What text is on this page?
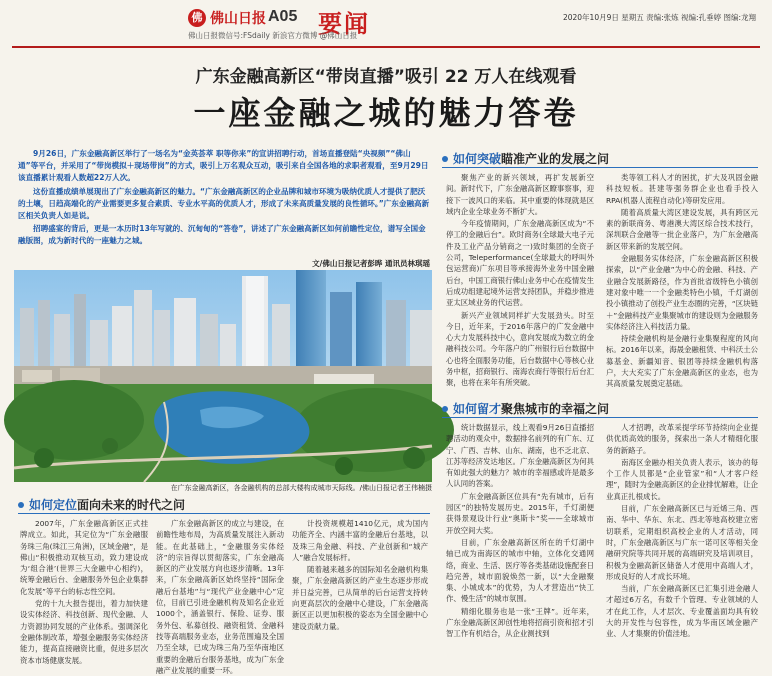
佛 佛山日报 A05 要闻
佛山日报微信号:FSdaily 新浪官方微博 @佛山日报
2020年10月9日 星期五 责编:张炼 视编:孔垂婷 图编:龙翔
广东金融高新区“带岗直播”吸引 22 万人在线观看
一座金融之城的魅力答卷

9月26日，广东金融高新区举行了一场名为“金英荟萃 职等你来”的宣讲招聘行动，首场直播登陆“央视频”“佛山通”等平台，并采用了“带岗模拟＋现场带岗”的方式，吸引上万名观众互动，吸引来自全国各地的求职者观看，至9月29日该直播累计观看人数超22万人次。

这份直播成绩单展现出了广东金融高新区的魅力。“广东金融高新区的企业品牌和城市环境为吸纳优质人才提供了肥沃的土壤，日趋高端化的产业需要更多复合素质、专业水平高的优质人才，形成了未来高质量发展的良性循环。”广东金融高新区相关负责人如是说。

招聘盛宴的背后，更是一本历时13年写就的、沉甸甸的“答卷”，讲述了广东金融高新区如何前瞻性定位，谱写全国金融版图，成为新时代的一座魅力之城。

文/佛山日报记者彭晔 通讯员林琪瑶
在广东金融高新区，各金融机构的总部大楼构成城市天际线。/佛山日报记者王伟楠摄
如何突破 瞄准产业的发展之问

聚焦产业的新兴领域，再扩发展新空间。新时代下，广东金融高新区瞭事察事，迎接下一波风口的来临。其中重要的体现就是区域内企业全球业务不断扩大。

今年疫情期间，广东金融高新区成为“不停工的金融后台”。欧时商务(全球最大电子元件及工业产品分销商之一)致时集团的全资子公司，Teleperformance(全球最大的呼叫外包运营商)广东项目等承接海外业务中国金融后台，中国工商银行佛山业务中心在疫情发生后成功组建起境外运营支持团队，并稳步推进亚太区域业务的代运营。

新兴产业领域同样扩大发展劲头。时至今日，近年来，于2016年落户的广发金融中心大力发展科技中心，意向发展成为数立的金融科技公司。今年落户的广州银行后台数据中心也将全面服务功能，后台数据中心等核心业务中枢，招商银行、南海农商行等银行后台汇聚，也将在来年有所突破。

类等领工科人才的困扰，扩大及巩固金融科技短板。甚建等强务群企业也看手投入RPA(机器人流程自动化)等研发应用。

随着高质量大湾区建设发展，具有跨区元素的新联商务、粤港澳大湾区综合技术技行，深圳联合金融等一批企业落户，为广东金融高新区带来新的发展空间。

金融服务实体经济，广东金融高新区积极探索，以“产业金融”为中心的金融、科技、产业融合发展新路径，作为首批省级特色小镇创建对象中唯一一个金融类特色小镇，千灯湖创投小镇推动了创投产业生态圈的完善，“区块链＋”金融科技产业集聚城市的建设则为金融服务实体经济注入科技活力量。

持续金融机构是金融行业集聚程度的风向标。2016年以来，海晟金融租赁、中科沃土公募基金、新疆知音、银团等持续金融机构落户，大大充实了广东金融高新区的业态，也为其高质量发展奠定基础。

如何留才 聚焦城市的幸福之问

统计数据显示，线上观看9月26日直播招聘活动的观众中，数据排名前列的有广东、辽宁、广西、吉林、山东、湖南，也不乏北京、江苏等经济发达地区。广东金融高新区为何具有如此强大的魅力？城市的幸福感或许是最多人认同的答案。

广东金融高新区位具有“先有城市，后有园区”的独特发展历史。2015年，千灯湖便获得景观设计行业“奥斯卡”奖——全球城市开放空间大奖。

目前，广东金融高新区所在的千灯湖中轴已成为南海区的城市中轴，立体化交通网络，商业、生活、医疗等各类基础设施配套日趋完善，城市面貌焕然一新，以“大金融聚集、小城成本”的优势，为人才营造出“快工作、慢生活”的城市氛围。

精细化服务也是一张“王牌”。近年来，广东金融高新区卸创性地将招商引资和招才引智工作有机结合，从企业测找到

人才招聘，改革采提学环节持续向企业提供优质高效的服务，探索出一条人才精细化服务的新路子。

南海区金融办相关负责人表示，该办的每个工作人员都是“企业管家”和“人才客户经理”，随时为金融高新区的企业排忧解难，让企业真正扎根成长。

目前，广东金融高新区已与近烯三角、西南、华中、华东、东北、西北等地高校建立密切联系，定期组织高校企业的人才活动，同时，广东金融高新区与广东一诺可区等相关金融研究院等共同开展的高端研究及培训项目，积极为金融高新区储备人才使用中高端人才，形成良好的人才成长环境。

当前，广东金融高新区已汇集引进金融人才超过6万名，有数千个管理、专业领域的人才在此工作，人才层次、专业覆盖面均具有较大的开发性与包容性，成为华南区域金融产业、人才集聚的价值洼地。

如何定位 面向未来的时代之问

2007年，广东金融高新区正式挂牌成立。如此，其定位为“广东金融服务珠三角(珠江三角洲)，区域金融”，是佛山“积极推动双核互动，致力建设成为‘组合港’(世界三大金融中心相约)，统筹金融后台、金融服务外包企业集群化发展”等平台的标志性空间。

党的十九大报告提出，着力加快建设实体经济、科技创新、现代金融、人力资源协同发展的产业体系。强调深化金融体制改革，增强金融服务实体经济能力，提高直接融资比重，促进多层次资本市场健康发展。

广东金融高新区的成立与建设，在前瞻性地布局，为高质量发展注入新动能。在此基础上，“金融服务实体经济”的宗旨得以贯彻落实，广东金融高新区的产业发展方向也逐步清晰。13年来，广东金融高新区始终坚持“国际金融后台基地”与“现代产业金融中心”定位，目前已引进金融机构及知名企业近1000个，涵盖银行、保险、证券、服务外包、私募创投、融资租赁、金融科技等高端服务业态，业务范围遍及全国乃至全球，已成为珠三角乃至华南地区重要的金融后台服务基地，成为广东金融产业发展的重要一环。

计投资规模超1410亿元，成为国内功能齐全、内涵丰富的金融后台基地，以及珠三角金融、科技、产业创新和“城产人”融合发展标杆。

随着越来越多的国际知名金融机构集聚，广东金融高新区的产业生态逐步形成并日益完善，已从简单的后台运营支持转向更高层次的金融中心建设，广东金融高新区正以更加积极的姿态为全国金融中心建设贡献力量。
